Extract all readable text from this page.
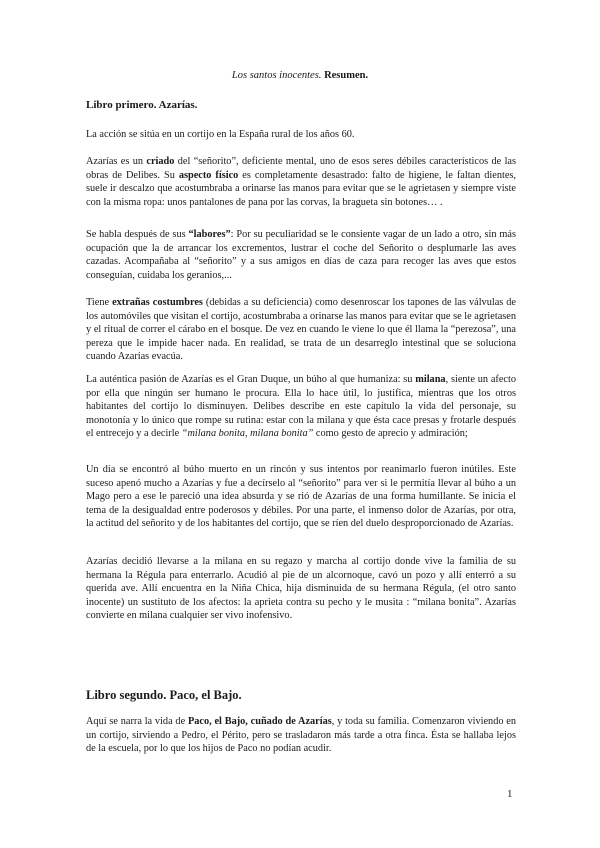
Los santos inocentes. Resumen.
Libro primero. Azarías.

La acción se sitúa en un cortijo en la España rural de los años 60.

Azarías es un criado del “señorito”, deficiente mental, uno de esos seres débiles característicos de las obras de Delibes. Su aspecto físico es completamente desastrado: falto de higiene, le faltan dientes, suele ir descalzo que acostumbraba a orinarse las manos para evitar que se le agrietasen y siempre viste con la misma ropa: unos pantalones de pana por las corvas, la bragueta sin botones… .

Se habla después de sus “labores”: Por su peculiaridad se le consiente vagar de un lado a otro, sin más ocupación que la de arrancar los excrementos, lustrar el coche del Señorito o desplumarle las aves cazadas. Acompañaba al “señorito” y a sus amigos en días de caza para recoger las aves que estos conseguían, cuidaba los geranios,...

Tiene extrañas costumbres (debidas a su deficiencia) como desenroscar los tapones de las válvulas de los automóviles que visitan el cortijo, acostumbraba a orinarse las manos para evitar que se le agrietasen y el ritual de correr el cárabo en el bosque. De vez en cuando le viene lo que él llama la “perezosa”, una pereza que le impide hacer nada. En realidad, se trata de un desarreglo intestinal que se soluciona cuando Azarías evacúa.

La auténtica pasión de Azarías es el Gran Duque, un búho al que humaniza: su milana, siente un afecto por ella que ningún ser humano le procura. Ella lo hace útil, lo justifica, mientras que los otros habitantes del cortijo lo disminuyen. Delibes describe en este capítulo la vida del personaje, su monotonía y lo único que rompe su rutina: estar con la milana y que ésta cace presas y frotarle después el entrecejo y a decirle “milana bonita, milana bonita” como gesto de aprecio y admiración;

Un día se encontró al búho muerto en un rincón y sus intentos por reanimarlo fueron inútiles. Este suceso apenó mucho a Azarías y fue a decírselo al “señorito” para ver si le permitía llevar al búho a un Mago pero a ese le pareció una idea absurda y se rió de Azarías de una forma humillante. Se inicia el tema de la desigualdad entre poderosos y débiles. Por una parte, el inmenso dolor de Azarías, por otra, la actitud del señorito y de los habitantes del cortijo, que se ríen del duelo desproporcionado de Azarías.

Azarías decidió llevarse a la milana en su regazo y marcha al cortijo donde vive la familia de su hermana la Régula para enterrarlo. Acudió al pie de un alcornoque, cavó un pozo y allí enterró a su querida ave. Allí encuentra en la Niña Chica, hija disminuida de su hermana Régula, (el otro santo inocente) un sustituto de los afectos: la aprieta contra su pecho y le musita : “milana bonita”. Azarías convierte en milana cualquier ser vivo inofensivo.

Libro segundo. Paco, el Bajo.

Aquí se narra la vida de Paco, el Bajo, cuñado de Azarías, y toda su familia. Comenzaron viviendo en un cortijo, sirviendo a Pedro, el Périto, pero se trasladaron más tarde a otra finca. Ésta se hallaba lejos de la escuela, por lo que los hijos de Paco no podían acudir.

1
